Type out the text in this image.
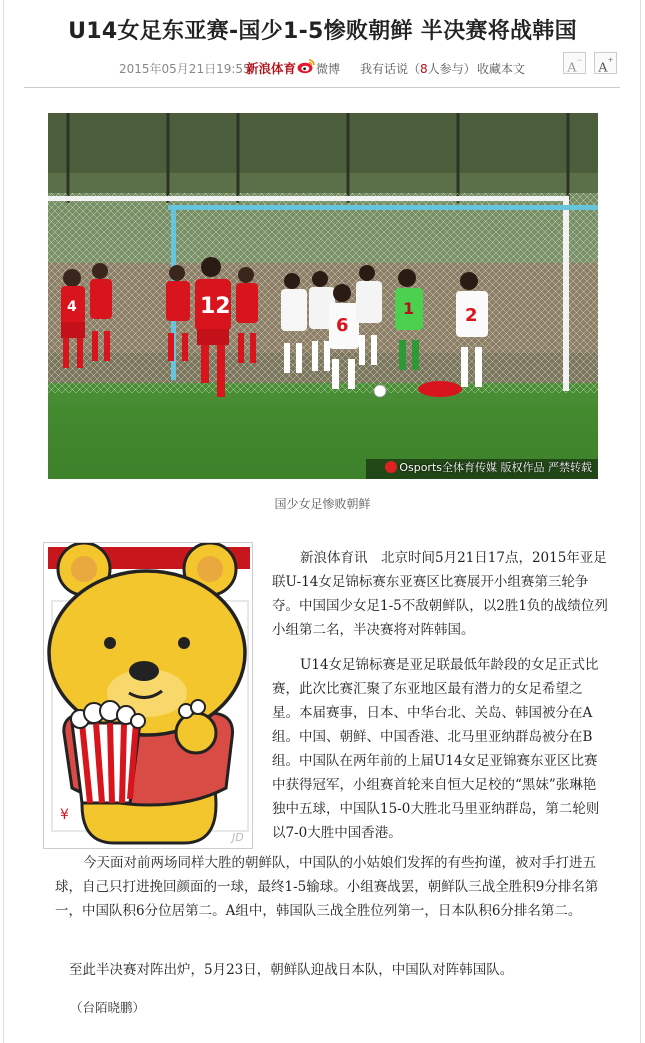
U14女足东亚赛-国少1-5惨败朝鲜 半决赛将战韩国
2015年05月21日19:55
新浪体育 微博 我有话说（8人参与） 收藏本文	A−
A+
4	12
6	2
1
Osports全体育传媒 版权作品 严禁转载
国少女足惨败朝鲜
¥
JD

新浪体育讯　北京时间5月21日17点，2015年亚足联U-14女足锦标赛东亚赛区比赛展开小组赛第三轮争夺。中国国少女足1-5不敌朝鲜队，以2胜1负的战绩位列小组第二名，半决赛将对阵韩国。

U14女足锦标赛是亚足联最低年龄段的女足正式比赛，此次比赛汇聚了东亚地区最有潜力的女足希望之星。本届赛事，日本、中华台北、关岛、韩国被分在A组。中国、朝鲜、中国香港、北马里亚纳群岛被分在B组。中国队在两年前的上届U14女足亚锦赛东亚区比赛中获得冠军，小组赛首轮来自恒大足校的“黑妹”张琳艳独中五球，中国队15-0大胜北马里亚纳群岛，第二轮则以7-0大胜中国香港。

今天面对前两场同样大胜的朝鲜队，中国队的小姑娘们发挥的有些拘谨，被对手打进五球，自己只打进挽回颜面的一球，最终1-5输球。小组赛战罢，朝鲜队三战全胜积9分排名第一，中国队积6分位居第二。A组中，韩国队三战全胜位列第一，日本队积6分排名第二。

至此半决赛对阵出炉，5月23日，朝鲜队迎战日本队，中国队对阵韩国队。

（台陌晓鹏）
